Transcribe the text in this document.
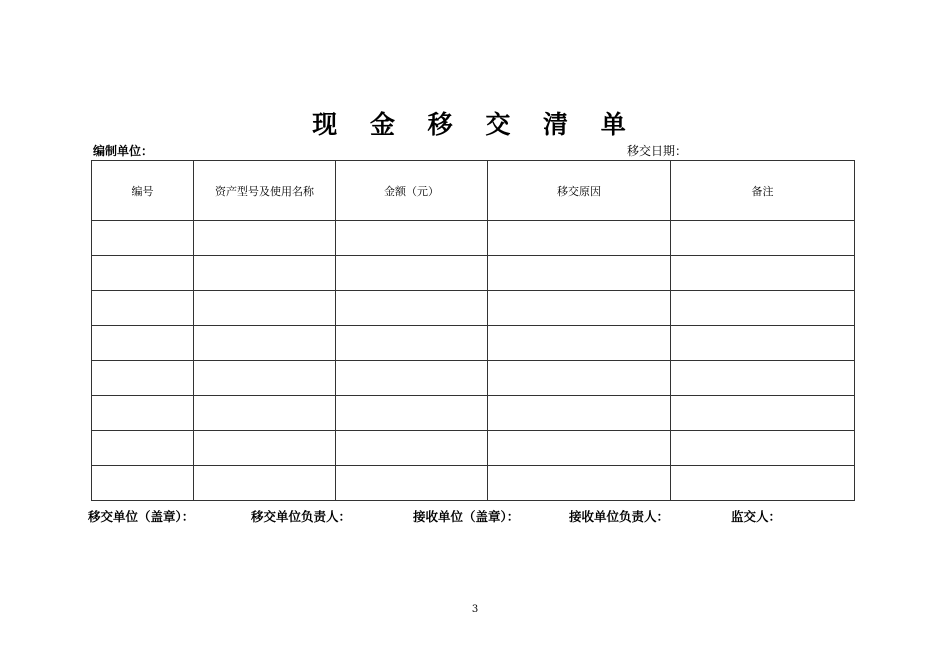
现 金 移 交 清 单
编制单位：	移交日期：
编号	资产型号及使用名称	金额（元）	移交原因	备注

移交单位（盖章）：	移交单位负责人：	接收单位（盖章）：	接收单位负责人：	监交人：
3
